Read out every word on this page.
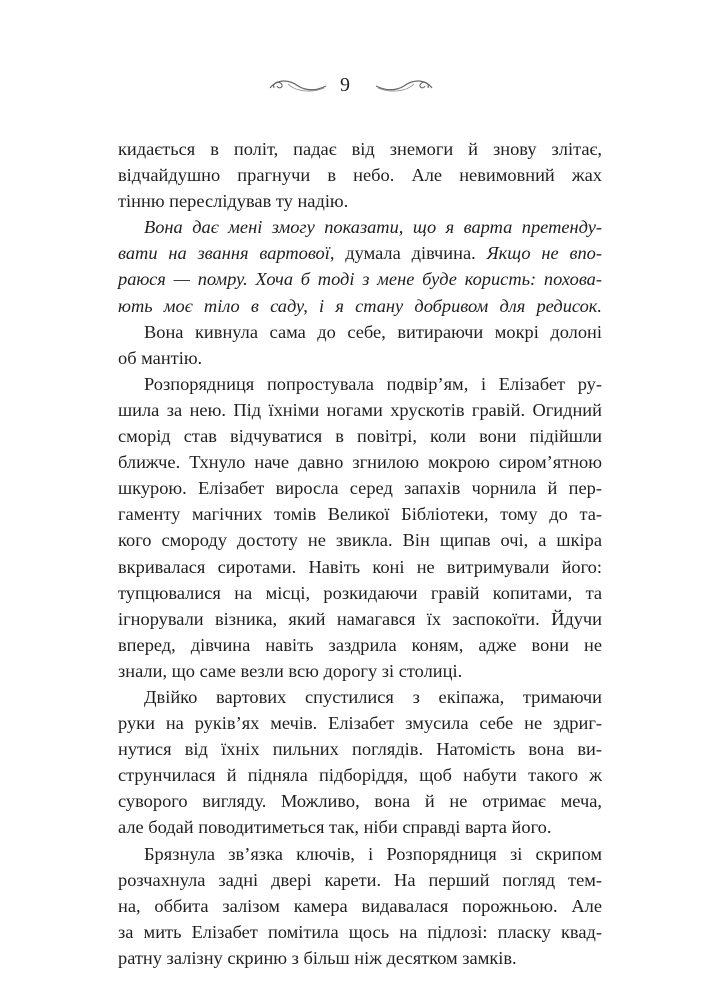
9
кидається в політ, падає від знемоги й знову злітає,
відчайдушно прагнучи в небо. Але невимовний жах
тінню переслідував ту надію.
Вона дає мені змогу показати, що я варта претенду-
вати на звання вартової, думала дівчина. Якщо не впо-
раюся — помру. Хоча б тоді з мене буде користь: похова-
ють моє тіло в саду, і я стану добривом для редисок.
Вона кивнула сама до себе, витираючи мокрі долоні
об мантію.
Розпорядниця попростувала подвір’ям, і Елізабет ру-
шила за нею. Під їхніми ногами хрускотів гравій. Огидний
сморід став відчуватися в повітрі, коли вони підійшли
ближче. Тхнуло наче давно згнилою мокрою сиром’ятною
шкурою. Елізабет виросла серед запахів чорнила й пер-
гаменту магічних томів Великої Бібліотеки, тому до та-
кого смороду достоту не звикла. Він щипав очі, а шкіра
вкривалася сиротами. Навіть коні не витримували його:
тупцювалися на місці, розкидаючи гравій копитами, та
ігнорували візника, який намагався їх заспокоїти. Йдучи
вперед, дівчина навіть заздрила коням, адже вони не
знали, що саме везли всю дорогу зі столиці.
Двійко вартових спустилися з екіпажа, тримаючи
руки на руків’ях мечів. Елізабет змусила себе не здриг-
нутися від їхніх пильних поглядів. Натомість вона ви-
струнчилася й підняла підборіддя, щоб набути такого ж
суворого вигляду. Можливо, вона й не отримає меча,
але бодай поводитиметься так, ніби справді варта його.
Брязнула зв’язка ключів, і Розпорядниця зі скрипом
розчахнула задні двері карети. На перший погляд тем-
на, оббита залізом камера видавалася порожньою. Але
за мить Елізабет помітила щось на підлозі: пласку квад-
ратну залізну скриню з більш ніж десятком замків.
